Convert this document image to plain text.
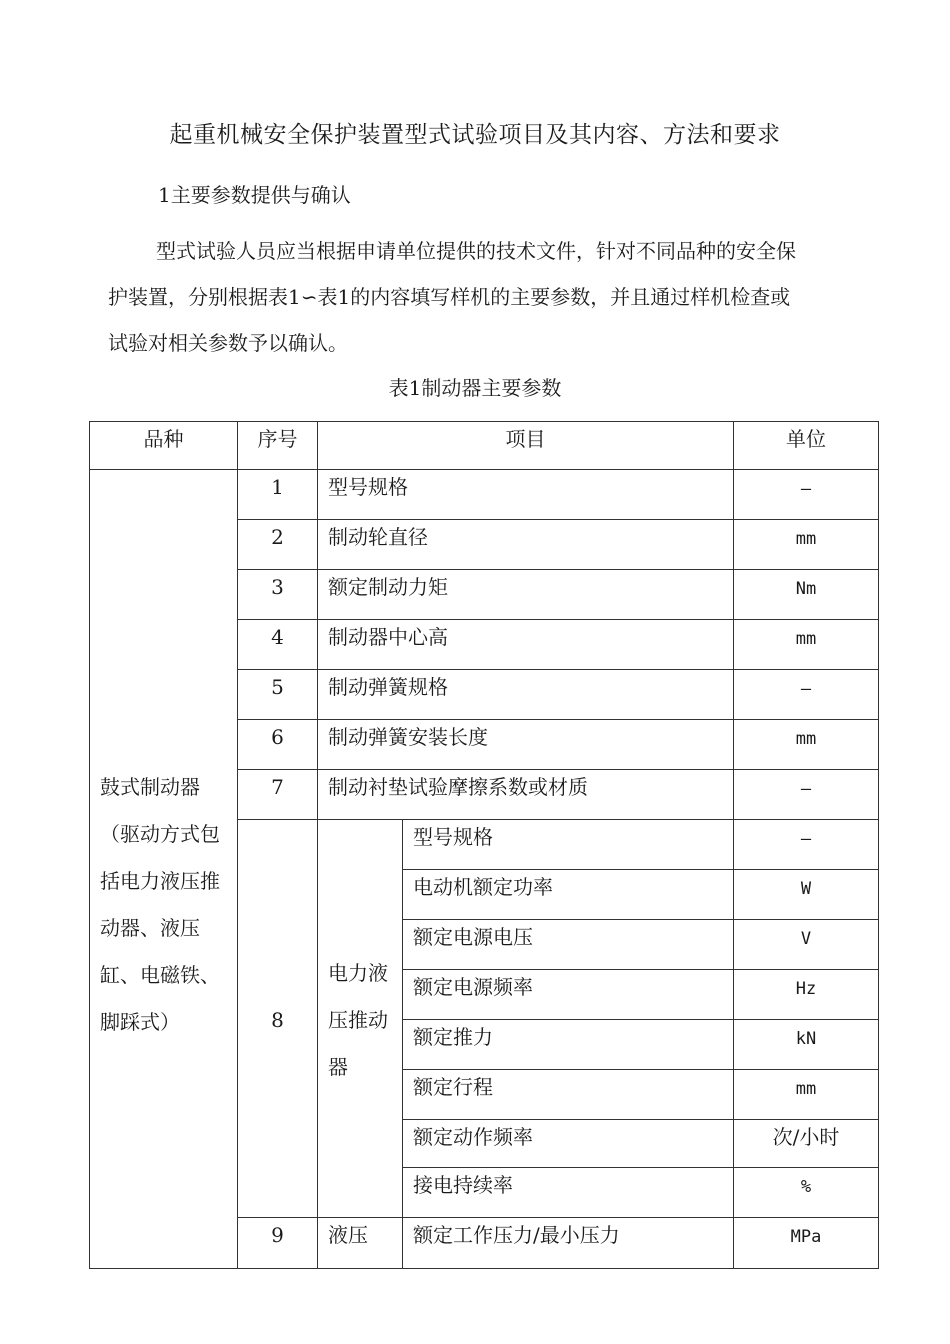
起重机械安全保护装置型式试验项目及其内容、方法和要求
1主要参数提供与确认
型式试验人员应当根据申请单位提供的技术文件，针对不同品种的安全保
护装置，分别根据表1∽表1的内容填写样机的主要参数，并且通过样机检查或
试验对相关参数予以确认。
表1制动器主要参数
品种	序号	项目		单位
鼓式制动器（驱动方式包括电力液压推动器、液压缸、电磁铁、脚踩式）	1	型号规格		—
	2	制动轮直径		mm
	3	额定制动力矩		Nm
	4	制动器中心高		mm
	5	制动弹簧规格		—
	6	制动弹簧安装长度		mm
	7	制动衬垫试验摩擦系数或材质		—
	8	电力液压推动器	型号规格	—
			电动机额定功率	W
			额定电源电压	V
			额定电源频率	Hz
			额定推力	kN
			额定行程	mm
			额定动作频率	次/小时
			接电持续率	%
	9	液压	额定工作压力/最小压力	MPa
